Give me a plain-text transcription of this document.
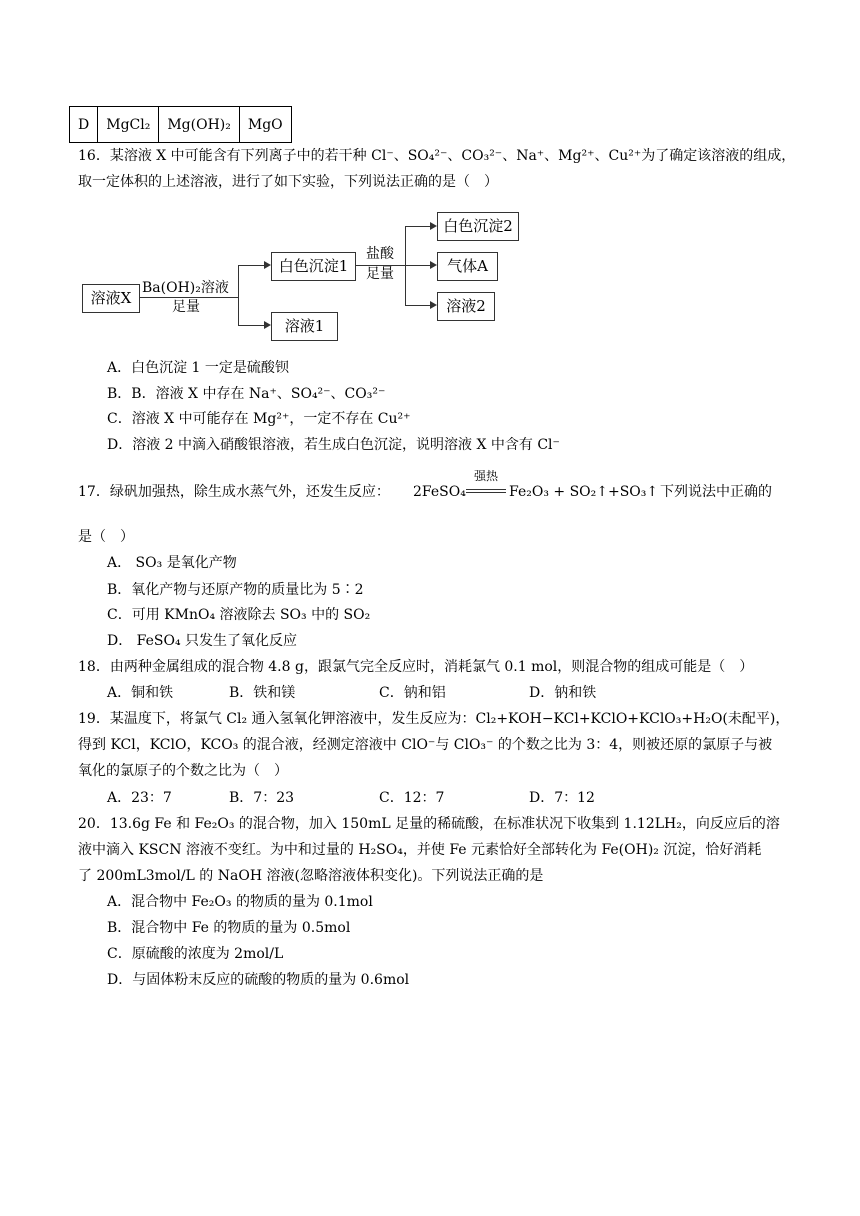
D	MgCl₂	Mg(OH)₂	MgO
16．某溶液 X 中可能含有下列离子中的若干种 Cl⁻、SO₄²⁻、CO₃²⁻、Na⁺、Mg²⁺、Cu²⁺为了确定该溶液的组成，
取一定体积的上述溶液，进行了如下实验，下列说法正确的是（　）
溶液X
Ba(OH)₂溶液
足量
白色沉淀1
溶液1
盐酸
足量
白色沉淀2
气体A
溶液2
A．白色沉淀 1 一定是硫酸钡
B．B．溶液 X 中存在 Na⁺、SO₄²⁻、CO₃²⁻
C．溶液 X 中可能存在 Mg²⁺，一定不存在 Cu²⁺
D．溶液 2 中滴入硝酸银溶液，若生成白色沉淀，说明溶液 X 中含有 Cl⁻
17．绿矾加强热，除生成水蒸气外，还发生反应： 2FeSO₄
强热
Fe₂O₃ + SO₂↑+SO₃↑ 下列说法中正确的
是（　）
A． SO₃ 是氧化产物
B．氧化产物与还原产物的质量比为 5∶2
C．可用 KMnO₄ 溶液除去 SO₃ 中的 SO₂
D． FeSO₄ 只发生了氧化反应
18．由两种金属组成的混合物 4.8 g，跟氯气完全反应时，消耗氯气 0.1 mol，则混合物的组成可能是（　）
A．铜和铁	B．铁和镁	C．钠和铝	D．钠和铁
19．某温度下，将氯气 Cl₂ 通入氢氧化钾溶液中，发生反应为：Cl₂+KOH−KCl+KClO+KClO₃+H₂O(未配平)，
得到 KCl，KClO，KCO₃ 的混合液，经测定溶液中 ClO⁻与 ClO₃⁻ 的个数之比为 3：4，则被还原的氯原子与被
氧化的氯原子的个数之比为（　）
A．23：7	B．7：23	C．12：7	D．7：12
20．13.6g Fe 和 Fe₂O₃ 的混合物，加入 150mL 足量的稀硫酸，在标准状况下收集到 1.12LH₂，向反应后的溶
液中滴入 KSCN 溶液不变红。为中和过量的 H₂SO₄，并使 Fe 元素恰好全部转化为 Fe(OH)₂ 沉淀，恰好消耗
了 200mL3mol/L 的 NaOH 溶液(忽略溶液体积变化)。下列说法正确的是
A．混合物中 Fe₂O₃ 的物质的量为 0.1mol
B．混合物中 Fe 的物质的量为 0.5mol
C．原硫酸的浓度为 2mol/L
D．与固体粉末反应的硫酸的物质的量为 0.6mol
